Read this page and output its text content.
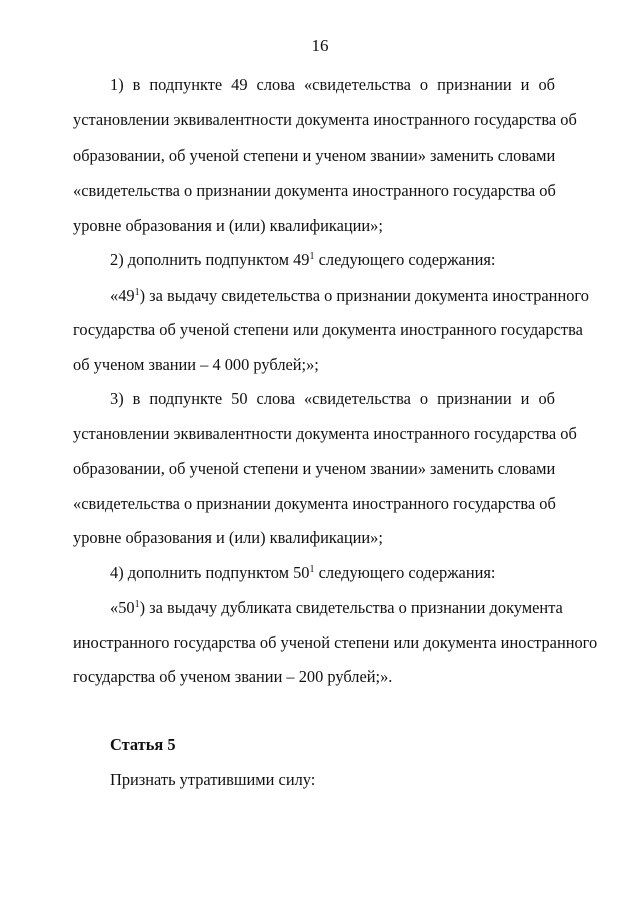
16
1) в подпункте 49 слова «свидетельства о признании и об
установлении эквивалентности документа иностранного государства об
образовании, об ученой степени и ученом звании» заменить словами
«свидетельства о признании документа иностранного государства об
уровне образования и (или) квалификации»;
2) дополнить подпунктом $49^1$ следующего содержания:
«$49^1$) за выдачу свидетельства о признании документа иностранного
государства об ученой степени или документа иностранного государства
об ученом звании – 4 000 рублей;»;
3) в подпункте 50 слова «свидетельства о признании и об
установлении эквивалентности документа иностранного государства об
образовании, об ученой степени и ученом звании» заменить словами
«свидетельства о признании документа иностранного государства об
уровне образования и (или) квалификации»;
4) дополнить подпунктом $50^1$ следующего содержания:
«$50^1$) за выдачу дубликата свидетельства о признании документа
иностранного государства об ученой степени или документа иностранного
государства об ученом звании – 200 рублей;».
Статья 5
Признать утратившими силу:
